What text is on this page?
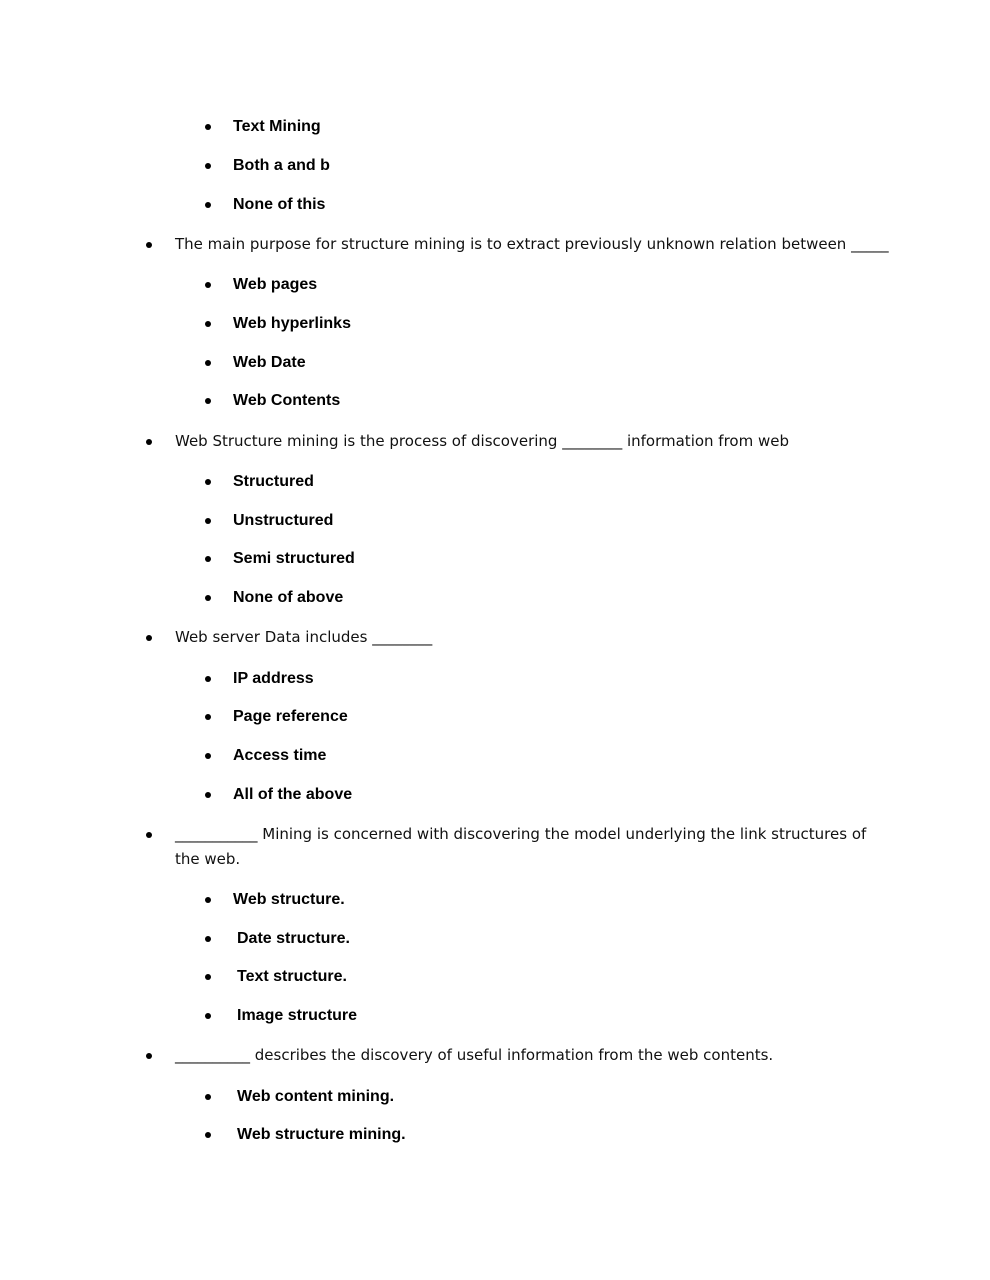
Text Mining
Both a and b
None of this
The main purpose for structure mining is to extract previously unknown relation between _____
Web pages
Web hyperlinks
Web Date
Web Contents
Web Structure mining is the process of discovering ________ information from web
Structured
Unstructured
Semi structured
None of above
Web server Data includes ________
IP address
Page reference
Access time
All of the above
___________ Mining is concerned with discovering the model underlying the link structures of the web.
Web structure.
Date structure.
Text structure.
Image structure
__________ describes the discovery of useful information from the web contents.
Web content mining.
Web structure mining.
